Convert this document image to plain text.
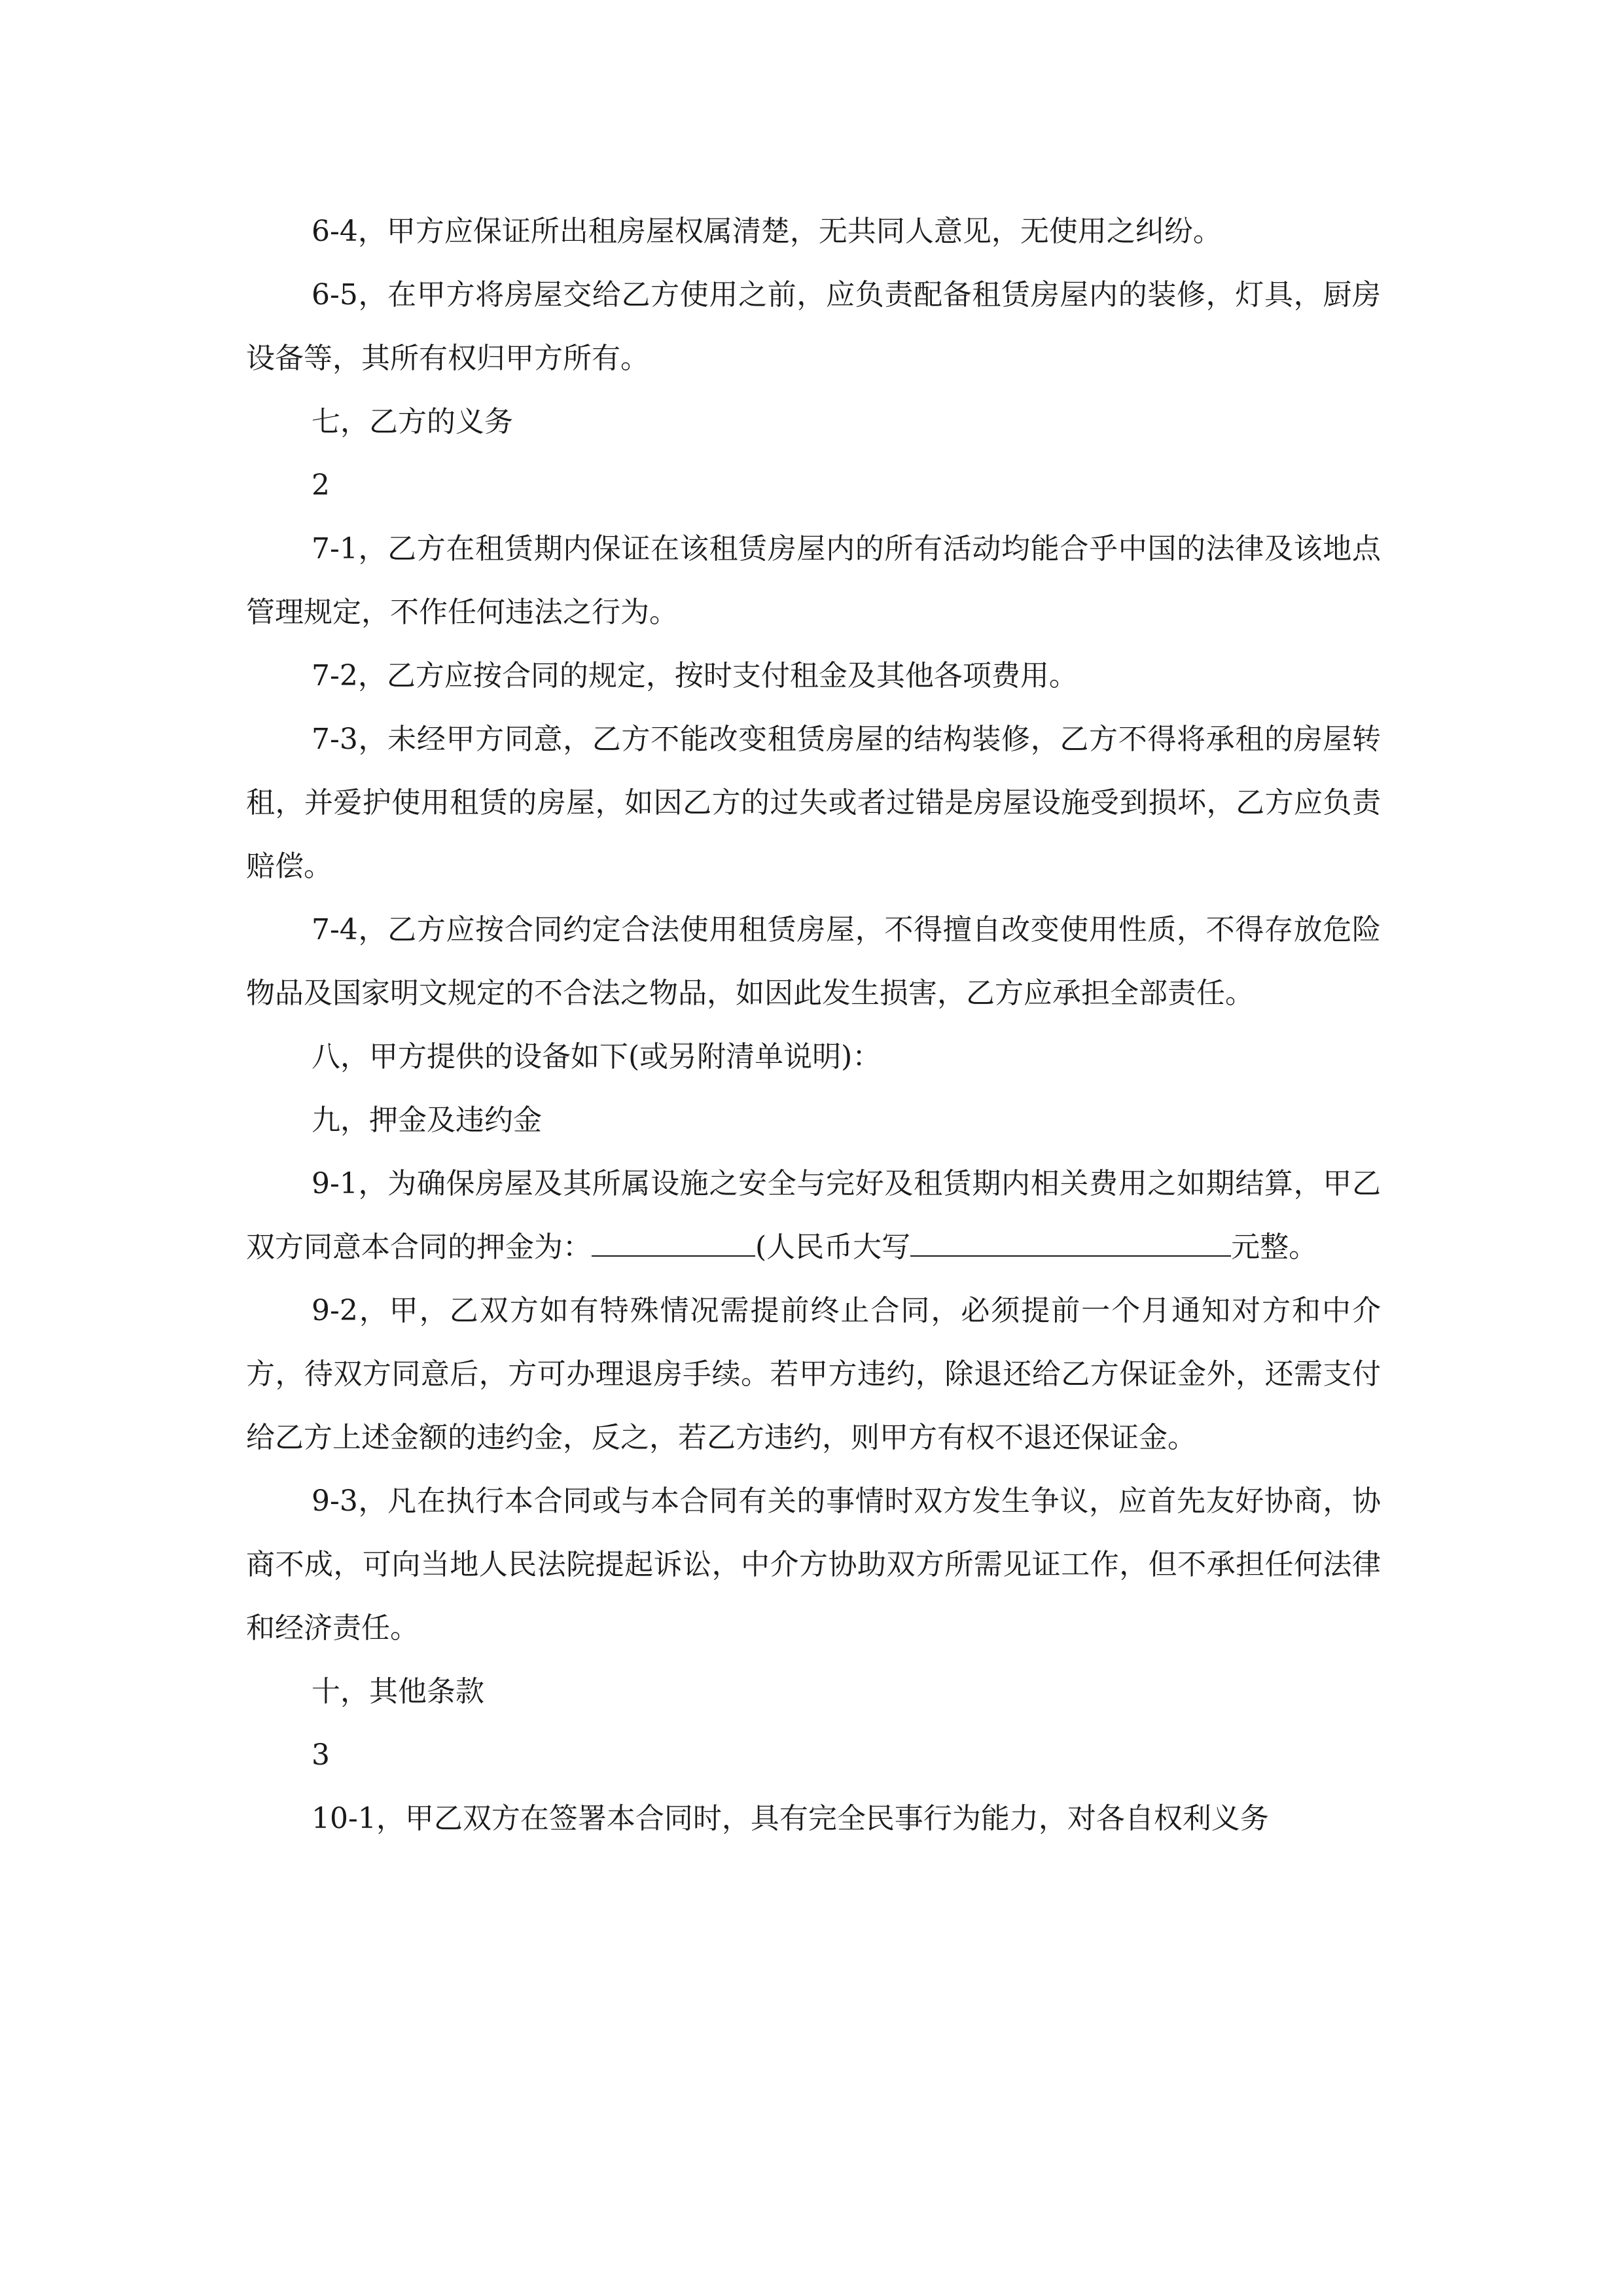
6-4，甲方应保证所出租房屋权属清楚，无共同人意见，无使用之纠纷。

6-5，在甲方将房屋交给乙方使用之前，应负责配备租赁房屋内的装修，灯具，厨房设备等，其所有权归甲方所有。

七，乙方的义务

2

7-1，乙方在租赁期内保证在该租赁房屋内的所有活动均能合乎中国的法律及该地点管理规定，不作任何违法之行为。

7-2，乙方应按合同的规定，按时支付租金及其他各项费用。

7-3，未经甲方同意，乙方不能改变租赁房屋的结构装修，乙方不得将承租的房屋转租，并爱护使用租赁的房屋，如因乙方的过失或者过错是房屋设施受到损坏，乙方应负责赔偿。

7-4，乙方应按合同约定合法使用租赁房屋，不得擅自改变使用性质，不得存放危险物品及国家明文规定的不合法之物品，如因此发生损害，乙方应承担全部责任。

八，甲方提供的设备如下(或另附清单说明)：

九，押金及违约金

9-1，为确保房屋及其所属设施之安全与完好及租赁期内相关费用之如期结算，甲乙双方同意本合同的押金为：	(人民币大写	元整。

9-2，甲，乙双方如有特殊情况需提前终止合同，必须提前一个月通知对方和中介方，待双方同意后，方可办理退房手续。若甲方违约，除退还给乙方保证金外，还需支付给乙方上述金额的违约金，反之，若乙方违约，则甲方有权不退还保证金。

9-3，凡在执行本合同或与本合同有关的事情时双方发生争议，应首先友好协商，协商不成，可向当地人民法院提起诉讼，中介方协助双方所需见证工作，但不承担任何法律和经济责任。

十，其他条款

3

10-1，甲乙双方在签署本合同时，具有完全民事行为能力，对各自权利义务
